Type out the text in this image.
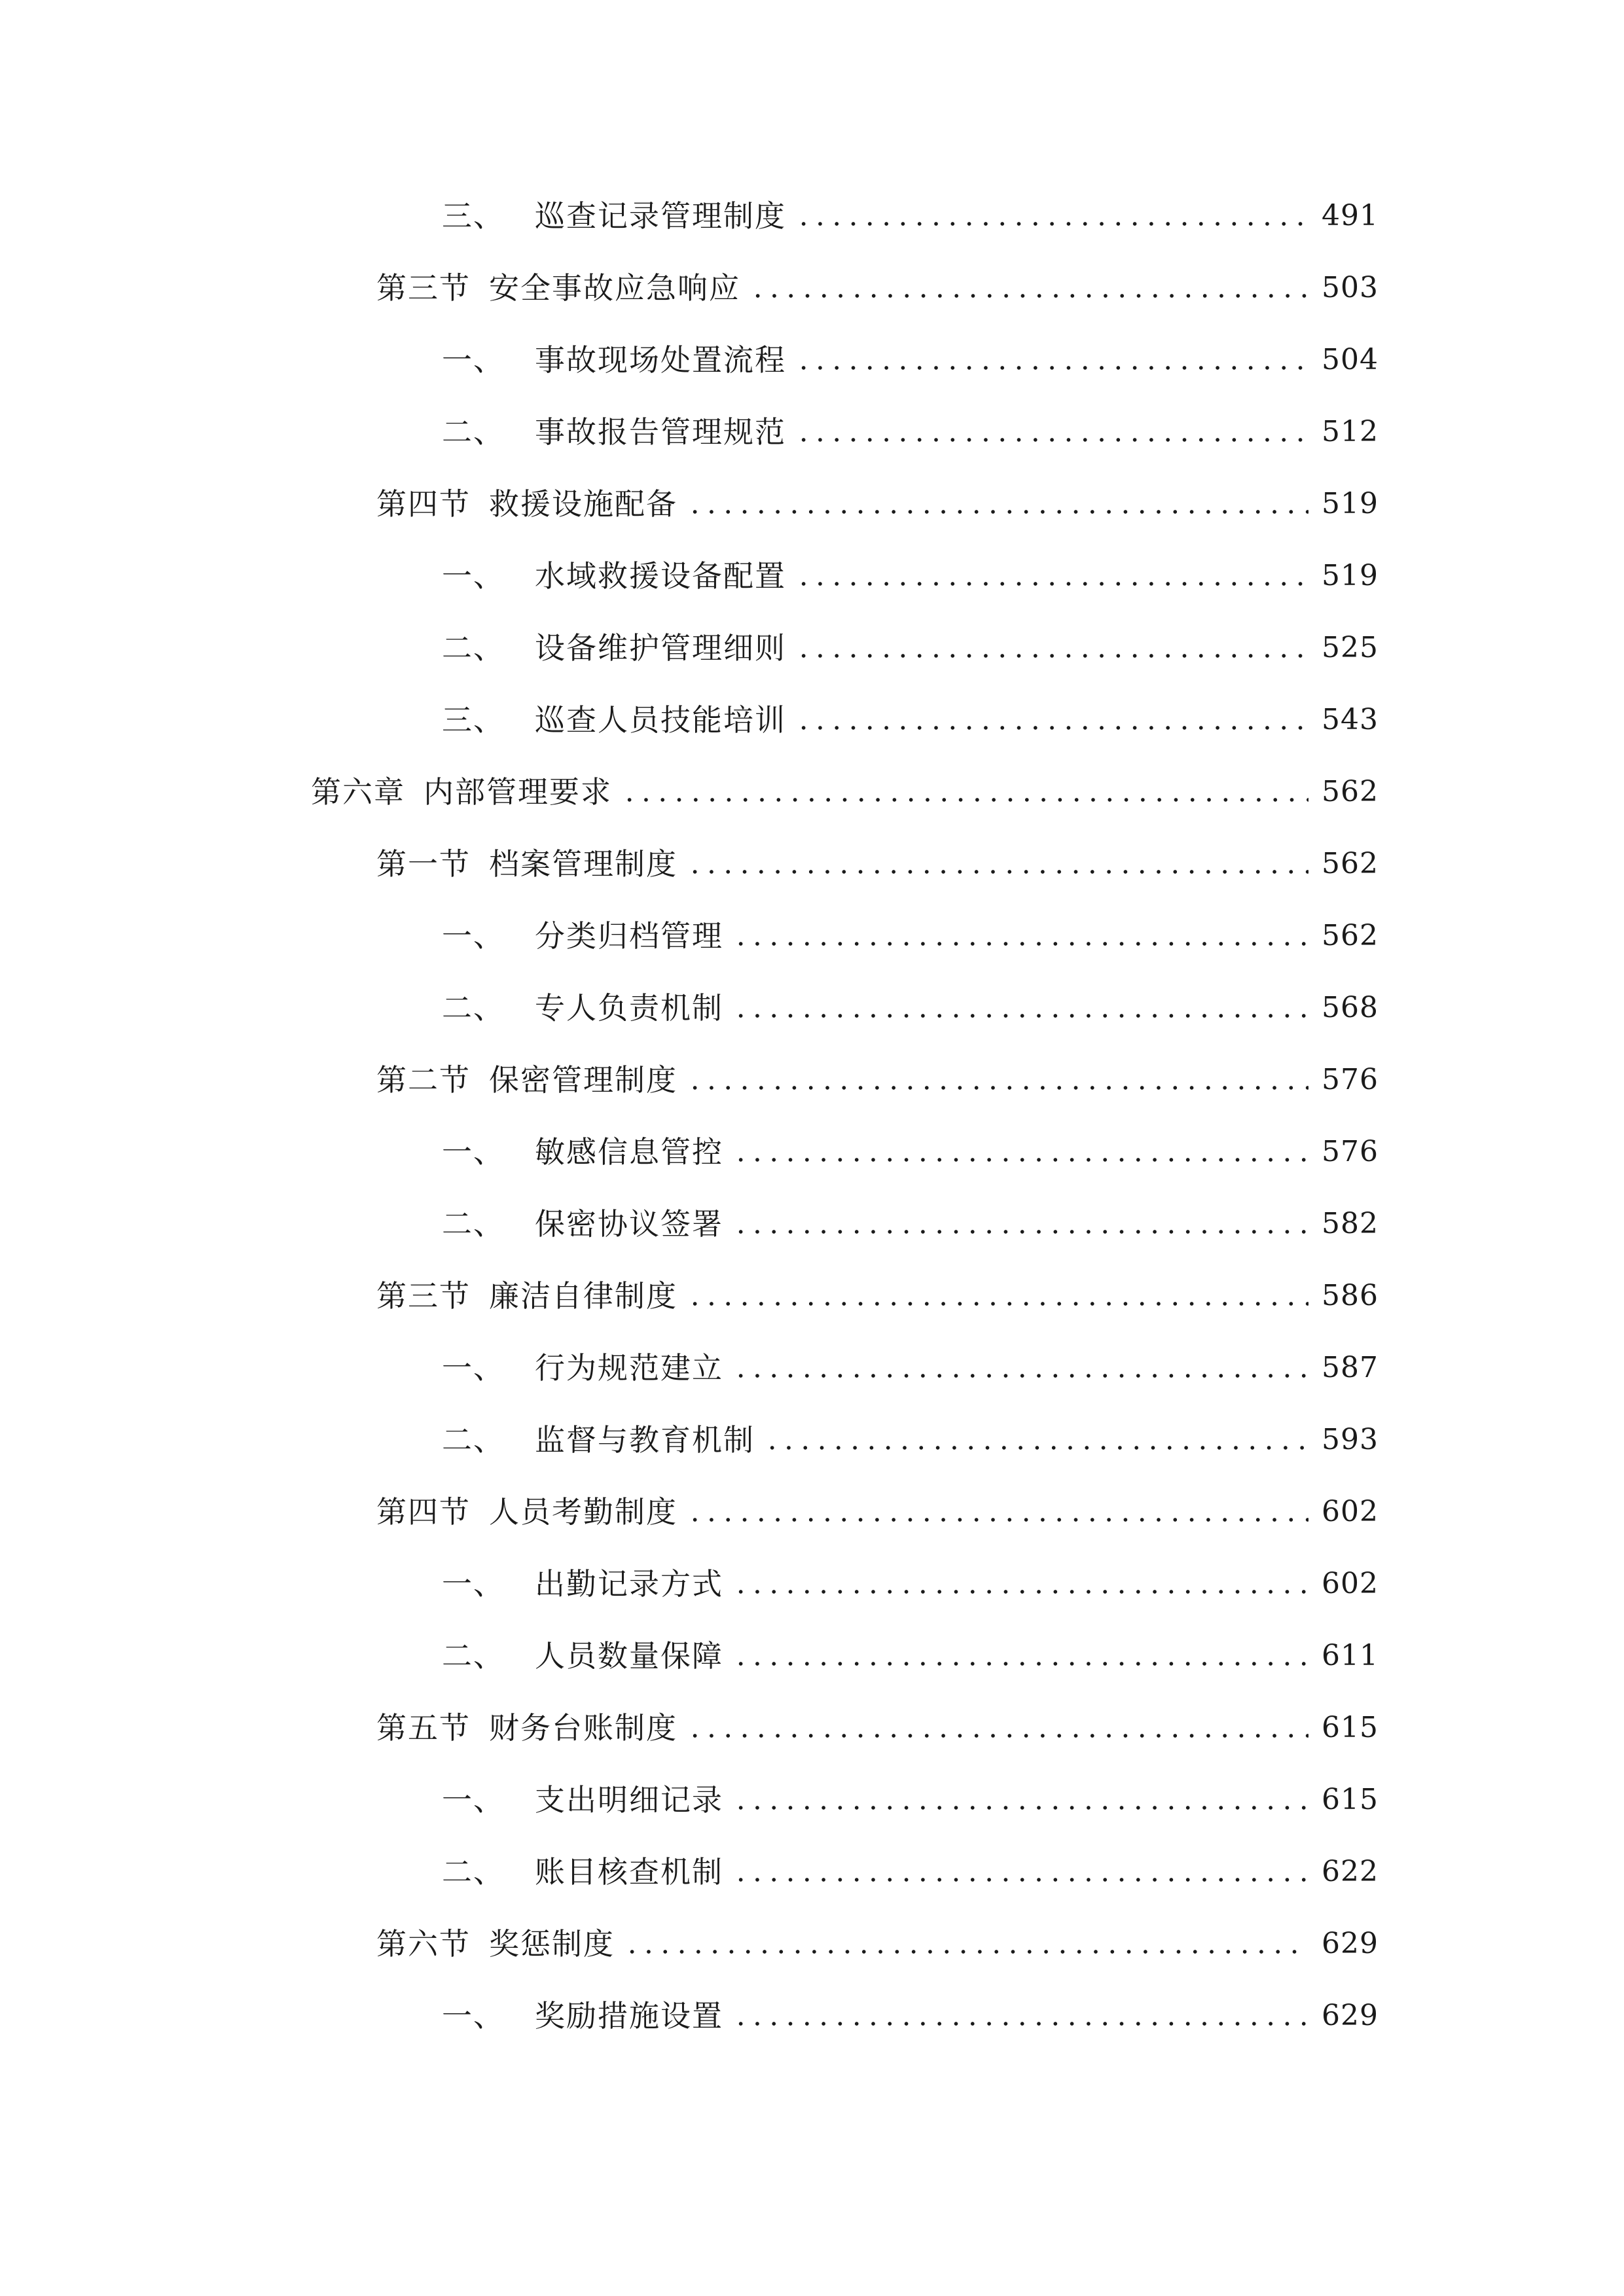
三、 巡查记录管理制度	491
第三节 安全事故应急响应	503
一、 事故现场处置流程	504
二、 事故报告管理规范	512
第四节 救援设施配备	519
一、 水域救援设备配置	519
二、 设备维护管理细则	525
三、 巡查人员技能培训	543
第六章 内部管理要求	562
第一节 档案管理制度	562
一、 分类归档管理	562
二、 专人负责机制	568
第二节 保密管理制度	576
一、 敏感信息管控	576
二、 保密协议签署	582
第三节 廉洁自律制度	586
一、 行为规范建立	587
二、 监督与教育机制	593
第四节 人员考勤制度	602
一、 出勤记录方式	602
二、 人员数量保障	611
第五节 财务台账制度	615
一、 支出明细记录	615
二、 账目核查机制	622
第六节 奖惩制度	629
一、 奖励措施设置	629
